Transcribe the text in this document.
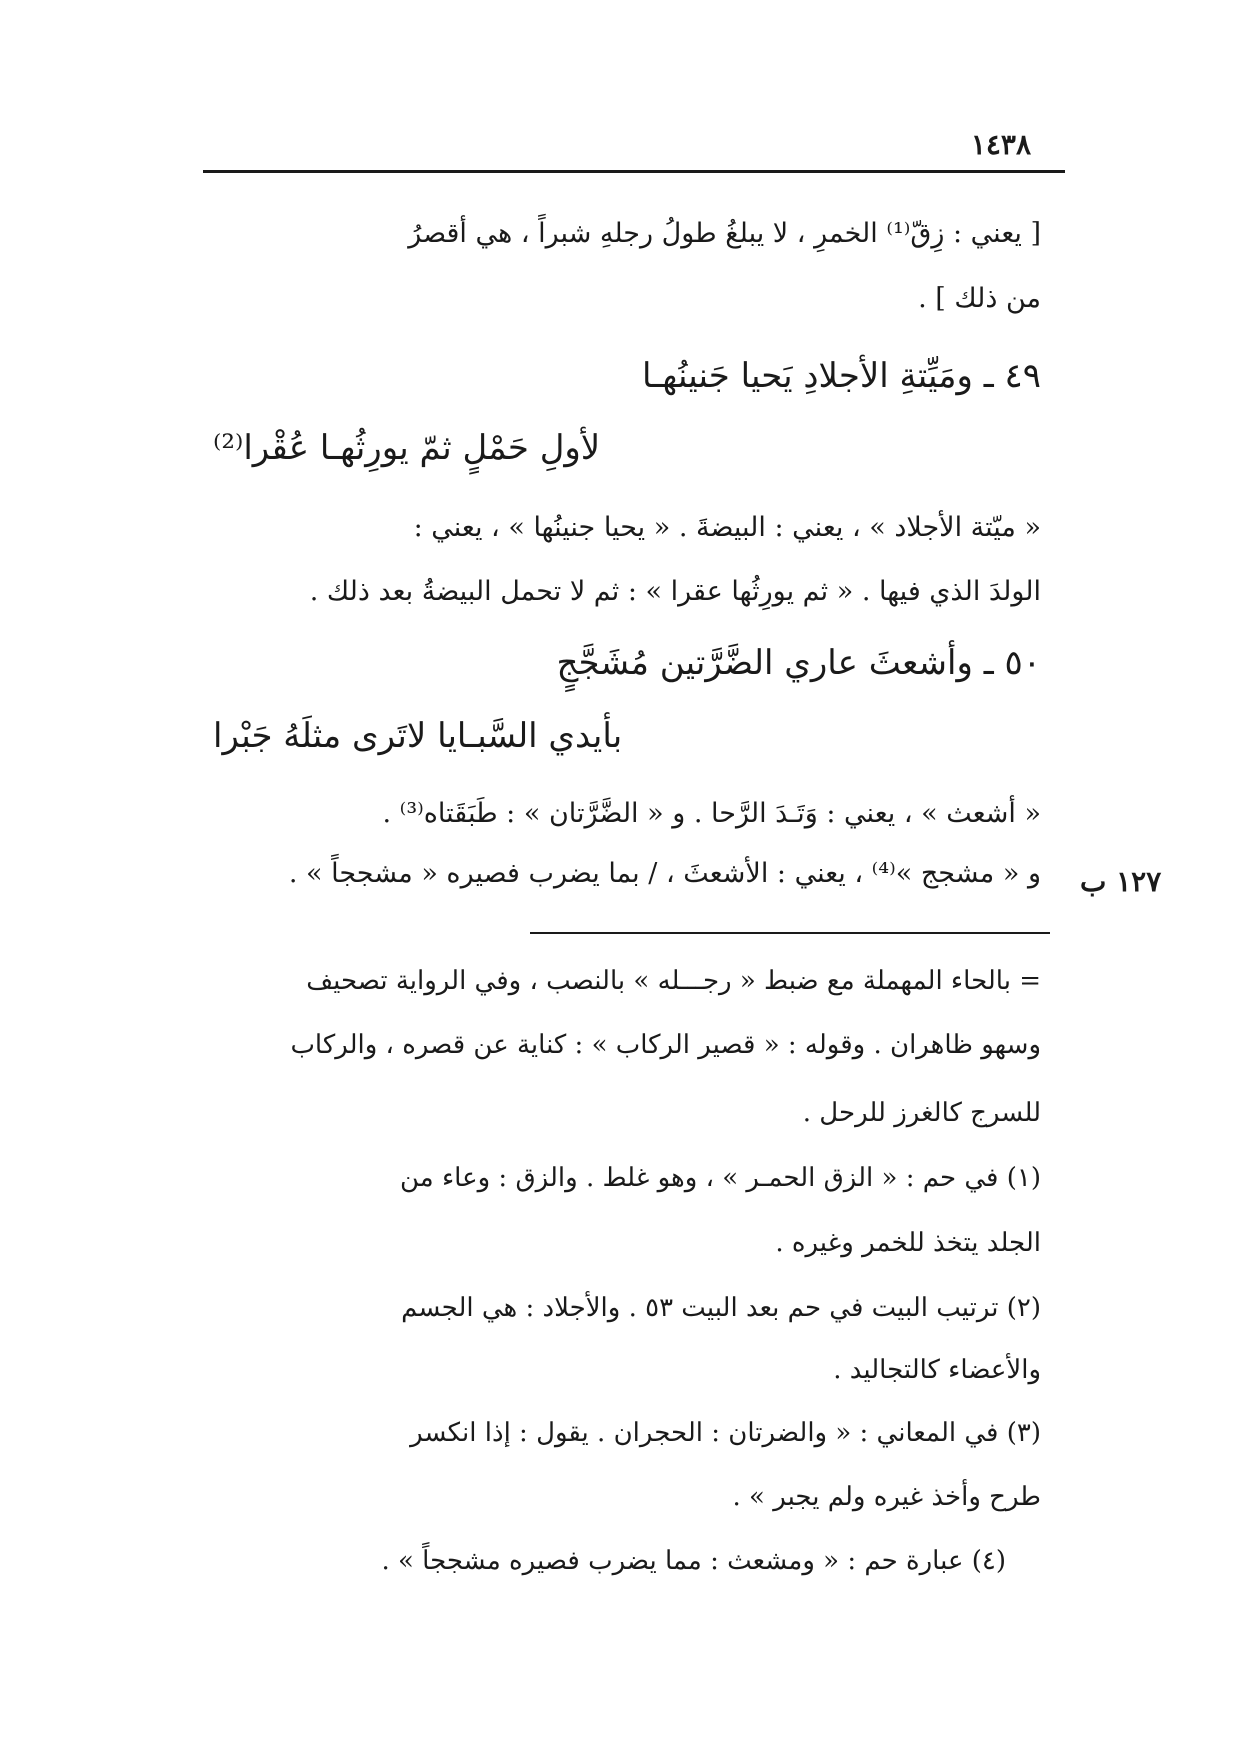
١٤٣٨
[ يعني : زِقّ⁽¹⁾ الخمرِ ، لا يبلغُ طولُ رجلهِ شبراً ، هي أقصرُ
من ذلك ] .
٤٩ ـ ومَيِّتةِ الأجلادِ يَحيا جَنينُهـا
لأولِ حَمْلٍ ثمّ يورِثُهـا عُقْرا⁽²⁾
« ميّتة الأجلاد » ، يعني : البيضةَ . « يحيا جنينُها » ، يعني :
الولدَ الذي فيها . « ثم يورِثُها عقرا » : ثم لا تحمل البيضةُ بعد ذلك .
٥٠ ـ وأشعثَ عاري الضَّرَّتين مُشَجَّجٍ
بأيدي السَّبـايا لاتَرى مثلَهُ جَبْرا
« أشعث » ، يعني : وَتَـدَ الرَّحا . و « الضَّرَّتان » : طَبَقَتاه⁽³⁾ .
و « مشجج »⁽⁴⁾ ، يعني : الأشعثَ ، / بما يضرب فصيره « مشججاً » . ١٢٧ ب
= بالحاء المهملة مع ضبط « رجـــله » بالنصب ، وفي الرواية تصحيف
وسهو ظاهران . وقوله : « قصير الركاب » : كناية عن قصره ، والركاب
للسرج كالغرز للرحل .
(١) في حم : « الزق الحمـر » ، وهو غلط . والزق : وعاء من
الجلد يتخذ للخمر وغيره .
(٢) ترتيب البيت في حم بعد البيت ٥٣ . والأجلاد : هي الجسم
والأعضاء كالتجاليد .
(٣) في المعاني : « والضرتان : الحجران . يقول : إذا انكسر
طرح وأخذ غيره ولم يجبر » .
(٤) عبارة حم : « ومشعث : مما يضرب فصيره مشججاً » .
